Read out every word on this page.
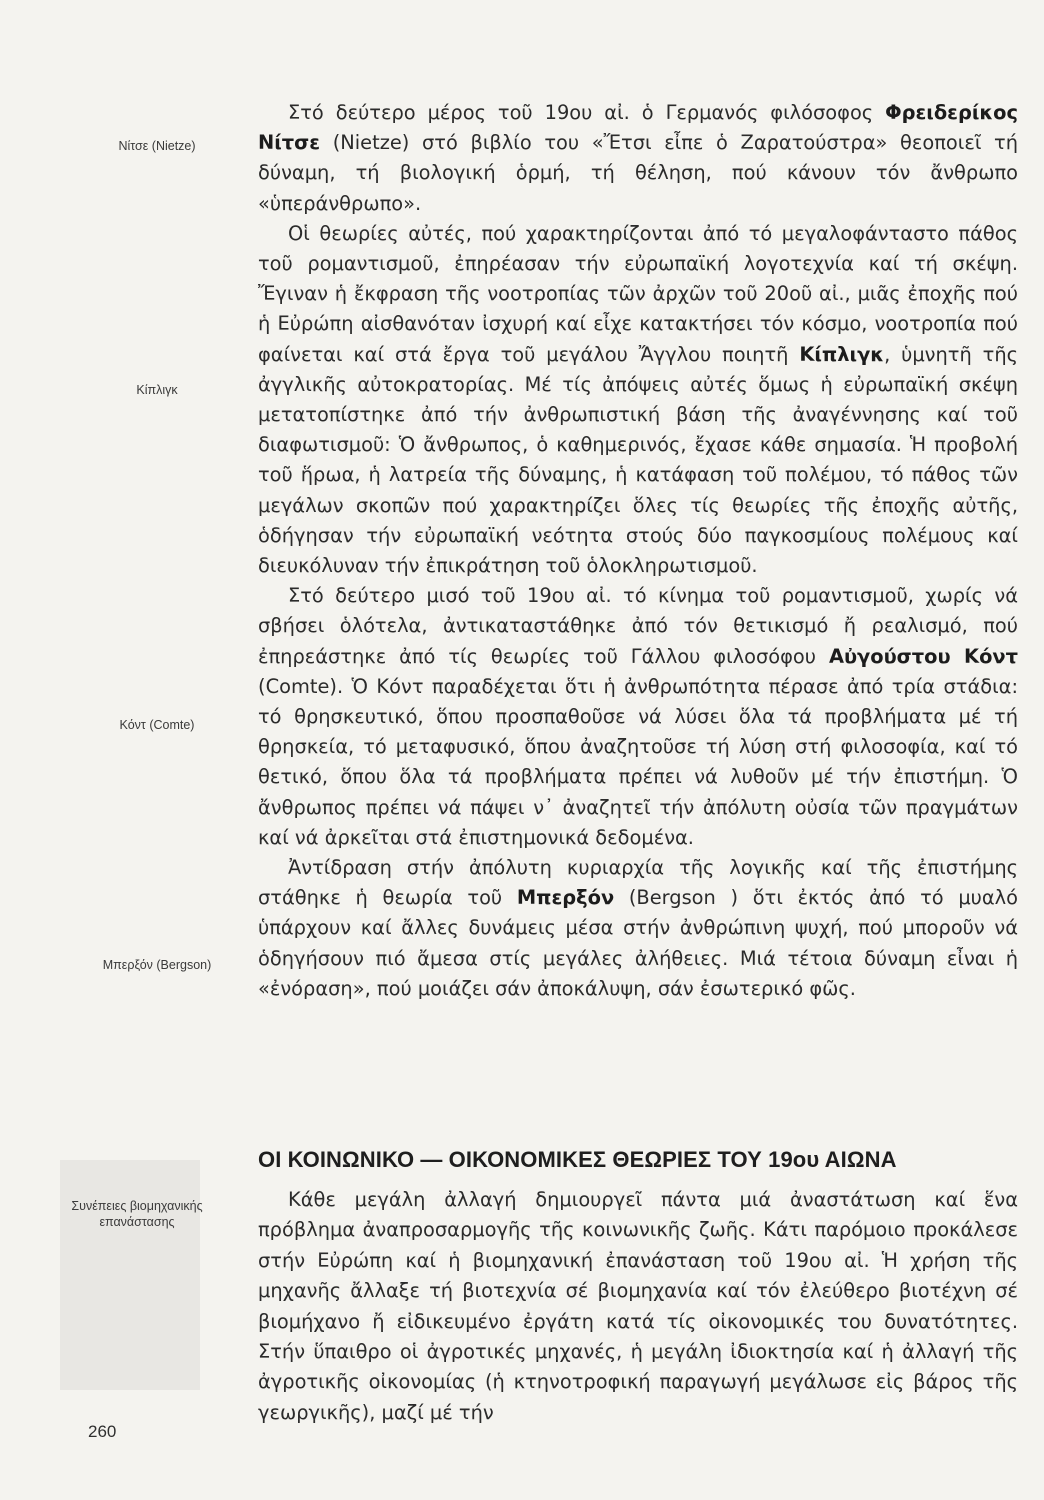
Νίτσε (Nietze)
Κίπλιγκ
Κόντ (Comte)
Μπερξόν (Bergson)
Συνέπειες βιομηχανικής επανάστασης

Στό δεύτερο μέρος τοῦ 19ου αἰ. ὁ Γερμανός φιλόσοφος Φρειδερίκος Νίτσε (Nietze) στό βιβλίο του «Ἔτσι εἶπε ὁ Ζαρατούστρα» θεοποιεῖ τή δύναμη, τή βιολογική ὁρμή, τή θέληση, πού κάνουν τόν ἄνθρωπο «ὑπεράνθρωπο».

Οἱ θεωρίες αὐτές, πού χαρακτηρίζονται ἀπό τό μεγαλοφάνταστο πάθος τοῦ ρομαντισμοῦ, ἐπηρέασαν τήν εὐρωπαϊκή λογοτεχνία καί τή σκέψη. Ἔγιναν ἡ ἔκφραση τῆς νοοτροπίας τῶν ἀρχῶν τοῦ 20οῦ αἰ., μιᾶς ἐποχῆς πού ἡ Εὐρώπη αἰσθανόταν ἰσχυρή καί εἶχε κατακτήσει τόν κόσμο, νοοτροπία πού φαίνεται καί στά ἔργα τοῦ μεγάλου Ἄγγλου ποιητῆ Κίπλιγκ, ὑμνητῆ τῆς ἀγγλικῆς αὐτοκρατορίας. Μέ τίς ἀπόψεις αὐτές ὅμως ἡ εὐρωπαϊκή σκέψη μετατοπίστηκε ἀπό τήν ἀνθρωπιστική βάση τῆς ἀναγέννησης καί τοῦ διαφωτισμοῦ: Ὁ ἄνθρωπος, ὁ καθημερινός, ἔχασε κάθε σημασία. Ἡ προβολή τοῦ ἥρωα, ἡ λατρεία τῆς δύναμης, ἡ κατάφαση τοῦ πολέμου, τό πάθος τῶν μεγάλων σκοπῶν πού χαρακτηρίζει ὅλες τίς θεωρίες τῆς ἐποχῆς αὐτῆς, ὁδήγησαν τήν εὐρωπαϊκή νεότητα στούς δύο παγκοσμίους πολέμους καί διευκόλυναν τήν ἐπικράτηση τοῦ ὁλοκληρωτισμοῦ.

Στό δεύτερο μισό τοῦ 19ου αἰ. τό κίνημα τοῦ ρομαντισμοῦ, χωρίς νά σβήσει ὁλότελα, ἀντικαταστάθηκε ἀπό τόν θετικισμό ἤ ρεαλισμό, πού ἐπηρεάστηκε ἀπό τίς θεωρίες τοῦ Γάλλου φιλοσόφου Αὐγούστου Κόντ (Comte). Ὁ Κόντ παραδέχεται ὅτι ἡ ἀνθρωπότητα πέρασε ἀπό τρία στάδια: τό θρησκευτικό, ὅπου προσπαθοῦσε νά λύσει ὅλα τά προβλήματα μέ τή θρησκεία, τό μεταφυσικό, ὅπου ἀναζητοῦσε τή λύση στή φιλοσοφία, καί τό θετικό, ὅπου ὅλα τά προβλήματα πρέπει νά λυθοῦν μέ τήν ἐπιστήμη. Ὁ ἄνθρωπος πρέπει νά πάψει ν᾽ ἀναζητεῖ τήν ἀπόλυτη οὐσία τῶν πραγμάτων καί νά ἀρκεῖται στά ἐπιστημονικά δεδομένα.

Ἀντίδραση στήν ἀπόλυτη κυριαρχία τῆς λογικῆς καί τῆς ἐπιστήμης στάθηκε ἡ θεωρία τοῦ Μπερξόν (Bergson ) ὅτι ἐκτός ἀπό τό μυαλό ὑπάρχουν καί ἄλλες δυνάμεις μέσα στήν ἀνθρώπινη ψυχή, πού μποροῦν νά ὁδηγήσουν πιό ἄμεσα στίς μεγάλες ἀλήθειες. Μιά τέτοια δύναμη εἶναι ἡ «ἐνόραση», πού μοιάζει σάν ἀποκάλυψη, σάν ἐσωτερικό φῶς.

ΟΙ ΚΟΙΝΩΝΙΚΟ — ΟΙΚΟΝΟΜΙΚΕΣ ΘΕΩΡΙΕΣ ΤΟΥ 19ου ΑΙΩΝΑ

Κάθε μεγάλη ἀλλαγή δημιουργεῖ πάντα μιά ἀναστάτωση καί ἕνα πρόβλημα ἀναπροσαρμογῆς τῆς κοινωνικῆς ζωῆς. Κάτι παρόμοιο προκάλεσε στήν Εὐρώπη καί ἡ βιομηχανική ἐπανάσταση τοῦ 19ου αἰ. Ἡ χρήση τῆς μηχανῆς ἄλλαξε τή βιοτεχνία σέ βιομηχανία καί τόν ἐλεύθερο βιοτέχνη σέ βιομήχανο ἤ εἰδικευμένο ἐργάτη κατά τίς οἰκονομικές του δυνατότητες. Στήν ὕπαιθρο οἱ ἀγροτικές μηχανές, ἡ μεγάλη ἰδιοκτησία καί ἡ ἀλλαγή τῆς ἀγροτικῆς οἰκονομίας (ἡ κτηνοτροφική παραγωγή μεγάλωσε εἰς βάρος τῆς γεωργικῆς), μαζί μέ τήν

260
